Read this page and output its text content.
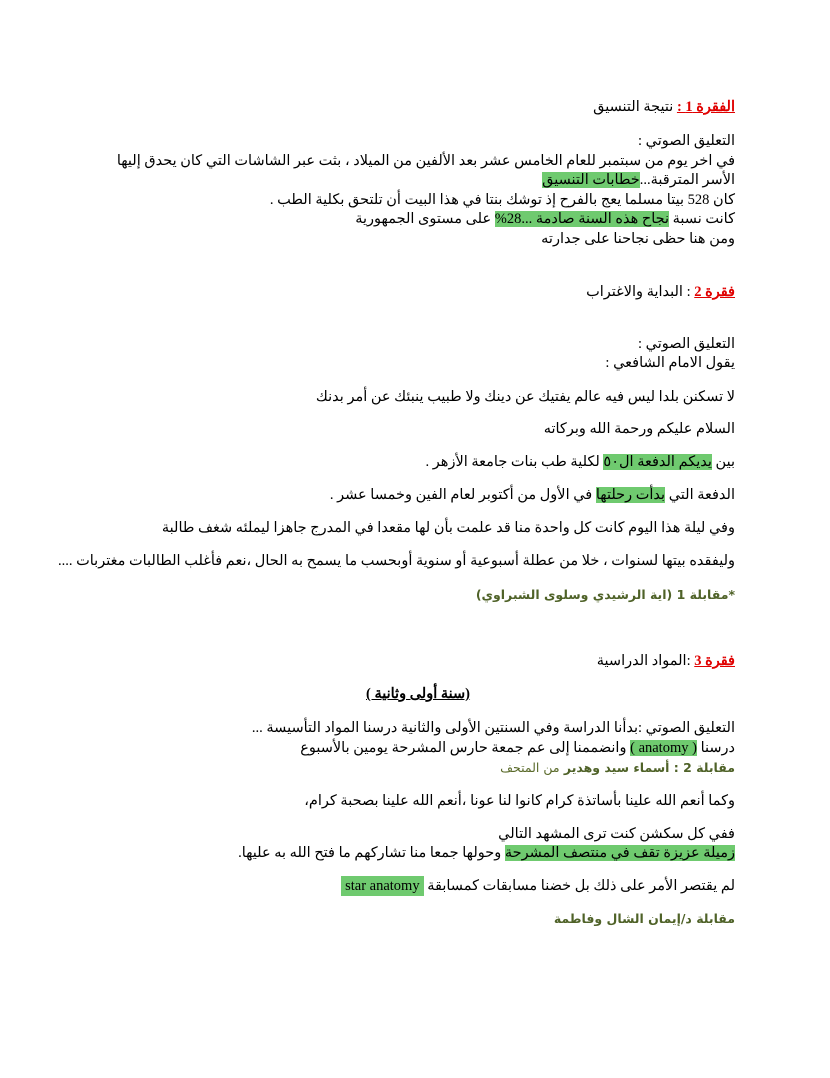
الفقرة 1 : نتيجة التنسيق
التعليق الصوتي :
في اخر يوم من سبتمبر للعام الخامس عشر بعد الألفين من الميلاد ، بثت عبر الشاشات التي كان يحدق إليها
الأسر المترقبة...خطابات التنسيق
كان 528 بيتا مسلما يعج بالفرح إذ توشك بنتا في هذا البيت أن تلتحق بكلية الطب .
كانت نسبة نجاح هذه السنة صادمة ...28% على مستوى الجمهورية
ومن هنا حظى نجاحنا على جدارته
فقرة 2 : البداية والاغتراب
التعليق الصوتي :
يقول الامام الشافعي :
لا تسكنن بلدا ليس فيه عالم يفتيك عن دينك ولا طبيب ينبئك عن أمر بدنك
السلام عليكم ورحمة الله وبركاته
بين يديكم الدفعة ال٥٠ لكلية طب بنات جامعة الأزهر .
الدفعة التي بدأت رحلتها في الأول من أكتوبر لعام الفين وخمسا عشر .
وفي ليلة هذا اليوم كانت كل واحدة منا قد علمت بأن لها مقعدا في المدرج جاهزا ليملئه شغف طالبة
وليفقده بيتها لسنوات ، خلا من عطلة أسبوعية أو سنوية أوبحسب ما يسمح به الحال ،نعم فأغلب الطالبات مغتربات ....
*مقابلة 1 (اية الرشيدي وسلوى الشبراوي)
فقرة 3 :المواد الدراسية
(سنة أولى وثانية )
التعليق الصوتي :بدأنا الدراسة وفي السنتين الأولى والثانية درسنا المواد التأسيسة ...
درسنا ( anatomy ) وانضممنا إلى عم جمعة حارس المشرحة يومين بالأسبوع
مقابلة 2 : أسماء سيد وهدير من المتحف
وكما أنعم الله علينا بأساتذة كرام كانوا لنا عونا ،أنعم الله علينا بصحبة كرام،
ففي كل سكشن كنت ترى المشهد التالي
زميلة عزيزة تقف في منتصف المشرحة وحولها جمعا منا تشاركهم ما فتح الله به عليها.
لم يقتصر الأمر على ذلك بل خضنا مسابقات كمسابقة star anatomy
مقابلة د/إيمان الشال وفاطمة
